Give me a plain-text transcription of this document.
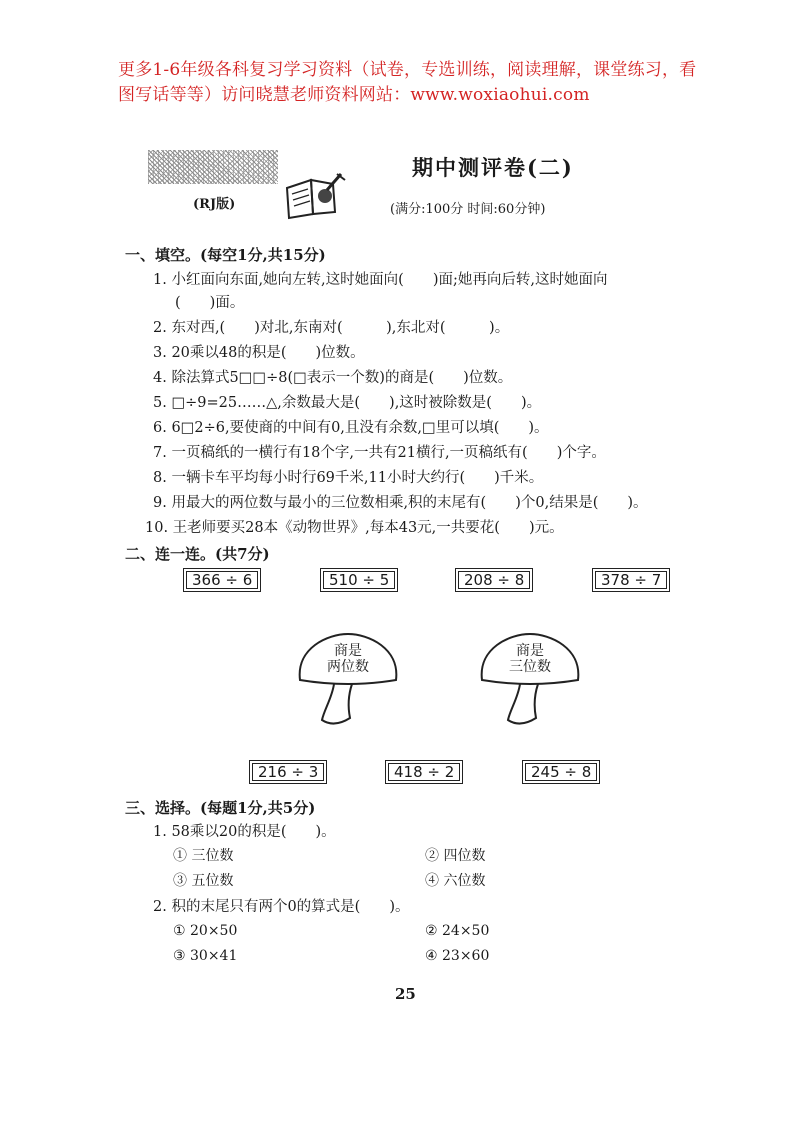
更多1-6年级各科复习学习资料（试卷，专选训练，阅读理解，课堂练习，看图写话等等）访问晓慧老师资料网站：www.woxiaohui.com
(RJ版)
期中测评卷(二)
(满分:100分 时间:60分钟)
一、填空。(每空1分,共15分)
1. 小红面向东面,她向左转,这时她面向(　　)面;她再向后转,这时她面向
(　　)面。
2. 东对西,(　　)对北,东南对(　　　),东北对(　　　)。
3. 20乘以48的积是(　　)位数。
4. 除法算式5□□÷8(□表示一个数)的商是(　　)位数。
5. □÷9=25……△,余数最大是(　　),这时被除数是(　　)。
6. 6□2÷6,要使商的中间有0,且没有余数,□里可以填(　　)。
7. 一页稿纸的一横行有18个字,一共有21横行,一页稿纸有(　　)个字。
8. 一辆卡车平均每小时行69千米,11小时大约行(　　)千米。
9. 用最大的两位数与最小的三位数相乘,积的末尾有(　　)个0,结果是(　　)。
10. 王老师要买28本《动物世界》,每本43元,一共要花(　　)元。
二、连一连。(共7分)
366 ÷ 6	510 ÷ 5	208 ÷ 8	378 ÷ 7
商是
两位数
商是
三位数
216 ÷ 3	418 ÷ 2	245 ÷ 8
三、选择。(每题1分,共5分)
1. 58乘以20的积是(　　)。
① 三位数	② 四位数
③ 五位数	④ 六位数
2. 积的末尾只有两个0的算式是(　　)。
① 20×50	② 24×50
③ 30×41	④ 23×60
25
